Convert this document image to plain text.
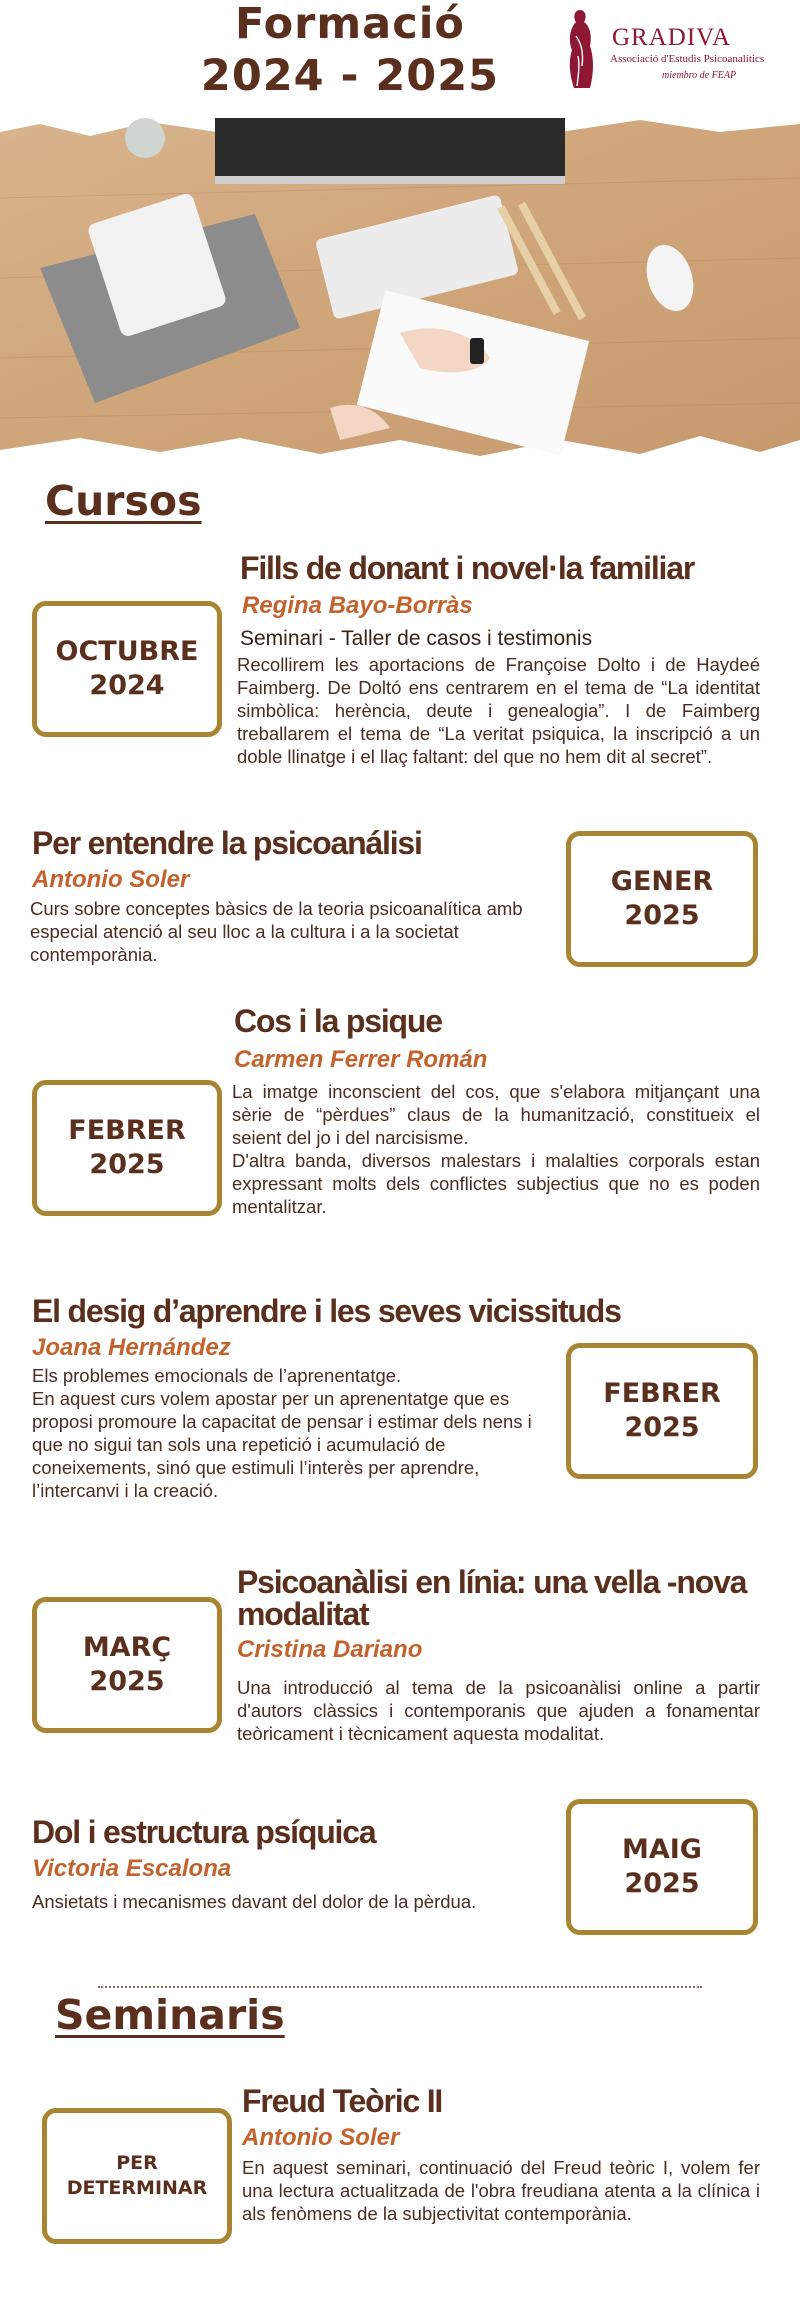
Formació
2024 - 2025
GRADIVA
Associació d'Estudis Psicoanalítics
miembro de FEAP
Cursos
Fills de donant i novel·la familiar
Regina Bayo-Borràs
Seminari - Taller de casos i testimonis
Recollirem les aportacions de Françoise Dolto i de Haydeé Faimberg. De Doltó ens centrarem en el tema de “La identitat simbòlica: herència, deute i genealogia”. I de Faimberg treballarem el tema de “La veritat psiquica, la inscripció a un doble llinatge i el llaç faltant: del que no hem dit al secret”.
OCTUBRE
2024
Per entendre la psicoanálisi
Antonio Soler
Curs sobre conceptes bàsics de la teoria psicoanalítica amb especial atenció al seu lloc a la cultura i a la societat contemporània.
GENER
2025
Cos i la psique
Carmen Ferrer Román

La imatge inconscient del cos, que s'elabora mitjançant una sèrie de “pèrdues” claus de la humanització, constitueix el seient del jo i del narcisisme.

D'altra banda, diversos malestars i malalties corporals estan expressant molts dels conflictes subjectius que no es poden mentalitzar.

FEBRER
2025
El desig d’aprendre i les seves vicissituds
Joana Hernández

Els problemes emocionals de l’aprenentatge.

En aquest curs volem apostar per un aprenentatge que es proposi promoure la capacitat de pensar i estimar dels nens i que no sigui tan sols una repetició i acumulació de coneixements, sinó que estimuli l’interès per aprendre, l’intercanvi i la creació.

FEBRER
2025
Psicoanàlisi en línia: una vella -nova modalitat
Cristina Dariano
Una introducció al tema de la psicoanàlisi online a partir d'autors clàssics i contemporanis que ajuden a fonamentar teòricament i tècnicament aquesta modalitat.
MARÇ
2025
Dol i estructura psíquica
Victoria Escalona
Ansietats i mecanismes davant del dolor de la pèrdua.
MAIG
2025
Seminaris
Freud Teòric II
Antonio Soler
En aquest seminari, continuació del Freud teòric I, volem fer una lectura actualitzada de l'obra freudiana atenta a la clínica i als fenòmens de la subjectivitat contemporània.
PER
DETERMINAR
